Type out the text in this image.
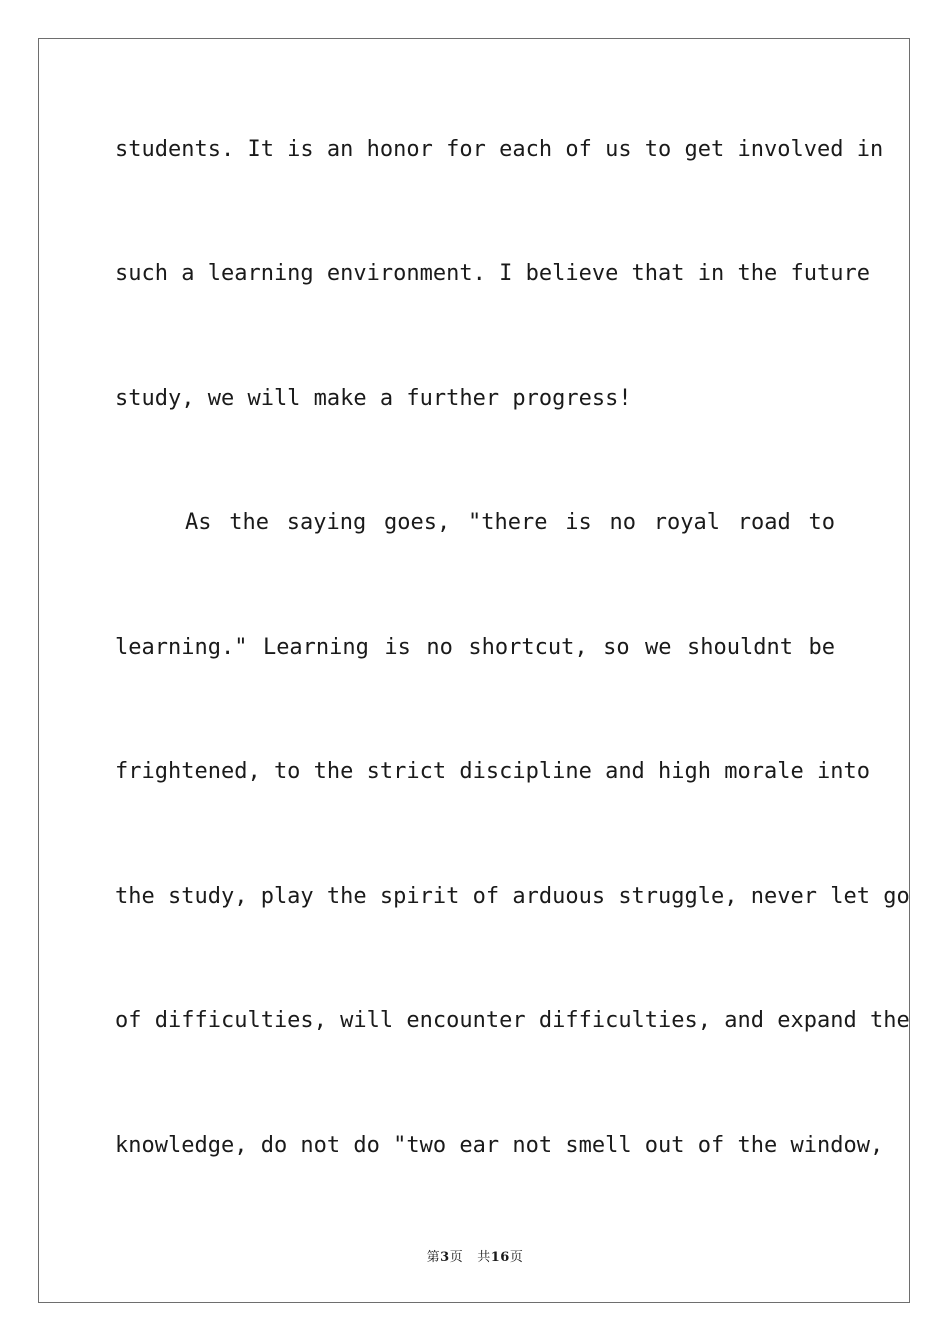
students. It is an honor for each of us to get involved in
such a learning environment. I believe that in the future
study, we will make a further progress!
As the saying goes, "there is no royal road to
learning." Learning is no shortcut, so we shouldnt be
frightened, to the strict discipline and high morale into
the study, play the spirit of arduous struggle, never let go
of difficulties, will encounter difficulties, and expand the
knowledge, do not do "two ear not smell out of the window,
第3页 共16页
